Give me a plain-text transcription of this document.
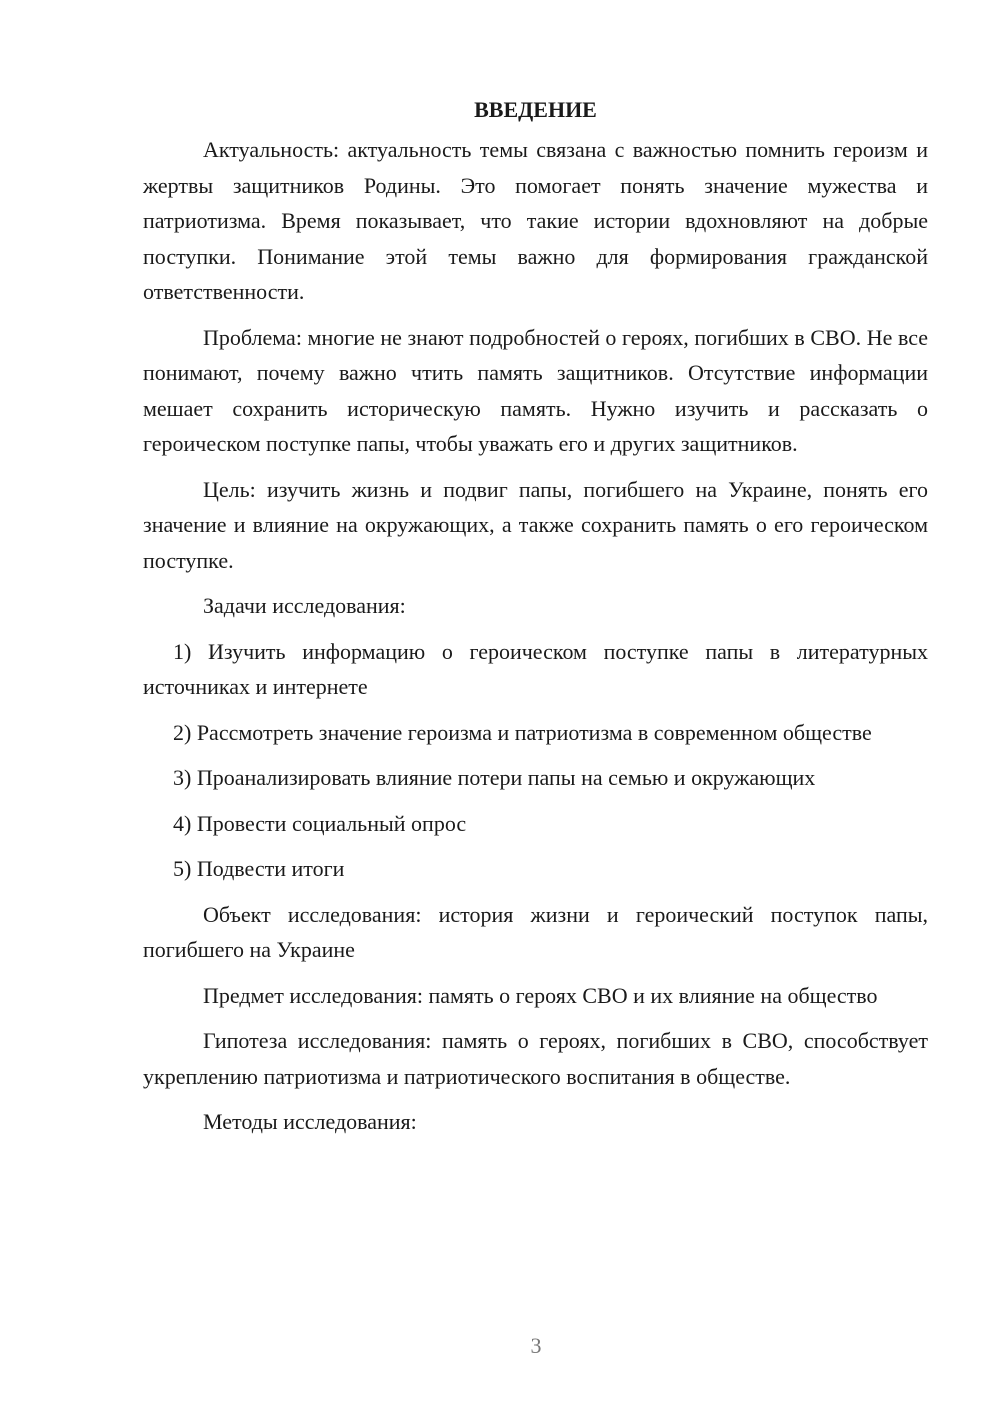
ВВЕДЕНИЕ

Актуальность: актуальность темы связана с важностью помнить героизм и жертвы защитников Родины. Это помогает понять значение мужества и патриотизма. Время показывает, что такие истории вдохновляют на добрые поступки. Понимание этой темы важно для формирования гражданской ответственности.

Проблема: многие не знают подробностей о героях, погибших в СВО. Не все понимают, почему важно чтить память защитников. Отсутствие информации мешает сохранить историческую память. Нужно изучить и рассказать о героическом поступке папы, чтобы уважать его и других защитников.

Цель: изучить жизнь и подвиг папы, погибшего на Украине, понять его значение и влияние на окружающих, а также сохранить память о его героическом поступке.

Задачи исследования:

1) Изучить информацию о героическом поступке папы в литературных источниках и интернете

2) Рассмотреть значение героизма и патриотизма в современном обществе

3) Проанализировать влияние потери папы на семью и окружающих

4) Провести социальный опрос

5) Подвести итоги

Объект исследования: история жизни и героический поступок папы, погибшего на Украине

Предмет исследования: память о героях СВО и их влияние на общество

Гипотеза исследования: память о героях, погибших в СВО, способствует укреплению патриотизма и патриотического воспитания в обществе.

Методы исследования:

3
